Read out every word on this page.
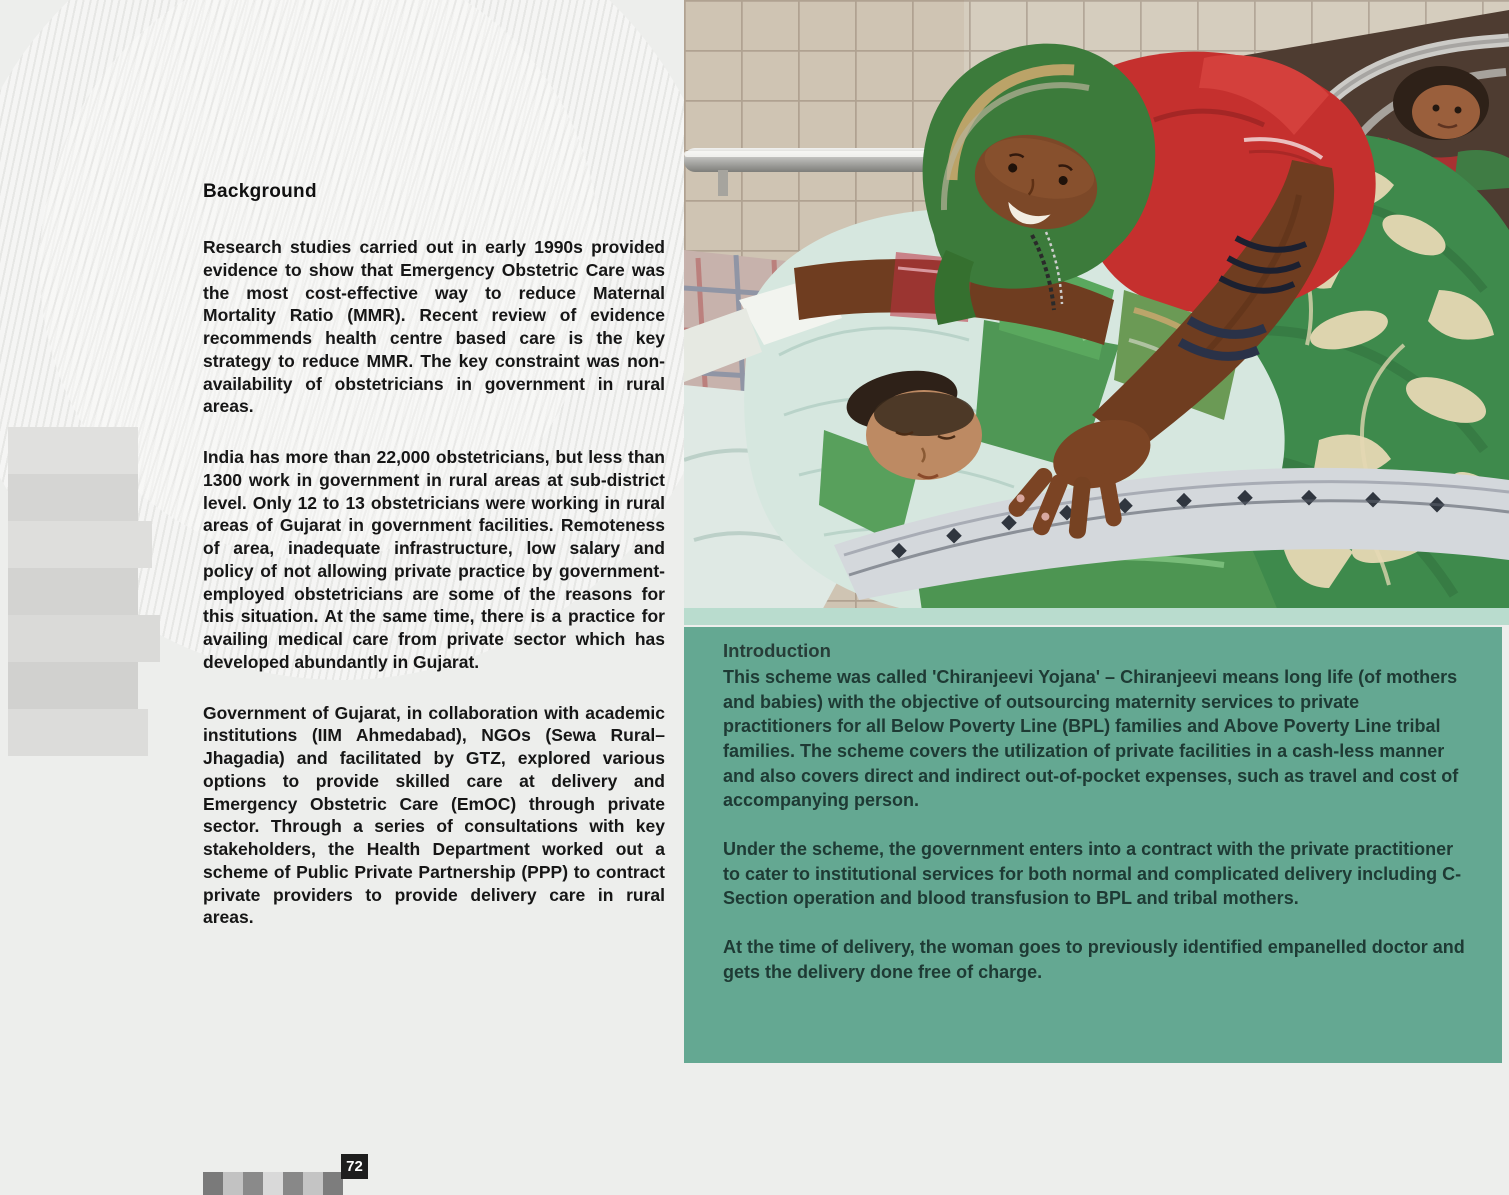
Background

Research studies carried out in early 1990s provided evidence to show that Emergency Obstetric Care was the most cost-effective way to reduce Maternal Mortality Ratio (MMR). Recent review of evidence recommends health centre based care is the key strategy to reduce MMR. The key constraint was non-availability of obstetricians in government in rural areas.

India has more than 22,000 obstetricians, but less than 1300 work in government in rural areas at sub-district level. Only 12 to 13 obstetricians were working in rural areas of Gujarat in government facilities. Remoteness of area, inadequate infrastructure, low salary and policy of not allowing private practice by government-employed obstetricians are some of the reasons for this situation. At the same time, there is a practice for availing medical care from private sector which has developed abundantly in Gujarat.

Government of Gujarat, in collaboration with academic institutions (IIM Ahmedabad), NGOs (Sewa Rural–Jhagadia) and facilitated by GTZ, explored various options to provide skilled care at delivery and Emergency Obstetric Care (EmOC) through private sector. Through a series of consultations with key stakeholders, the Health Department worked out a scheme of Public Private Partnership (PPP) to contract private providers to provide delivery care in rural areas.

Introduction

This scheme was called 'Chiranjeevi Yojana' – Chiranjeevi means long life (of mothers and babies) with the objective of outsourcing maternity services to private practitioners for all Below Poverty Line (BPL) families and Above Poverty Line tribal families. The scheme covers the utilization of private facilities in a cash-less manner and also covers direct and indirect out-of-pocket expenses, such as travel and cost of accompanying person.

Under the scheme, the government enters into a contract with the private practitioner to cater to institutional services for both normal and complicated delivery including C-Section operation and blood transfusion to BPL and tribal mothers.

At the time of delivery, the woman goes to previously identified empanelled doctor and gets the delivery done free of charge.

72
